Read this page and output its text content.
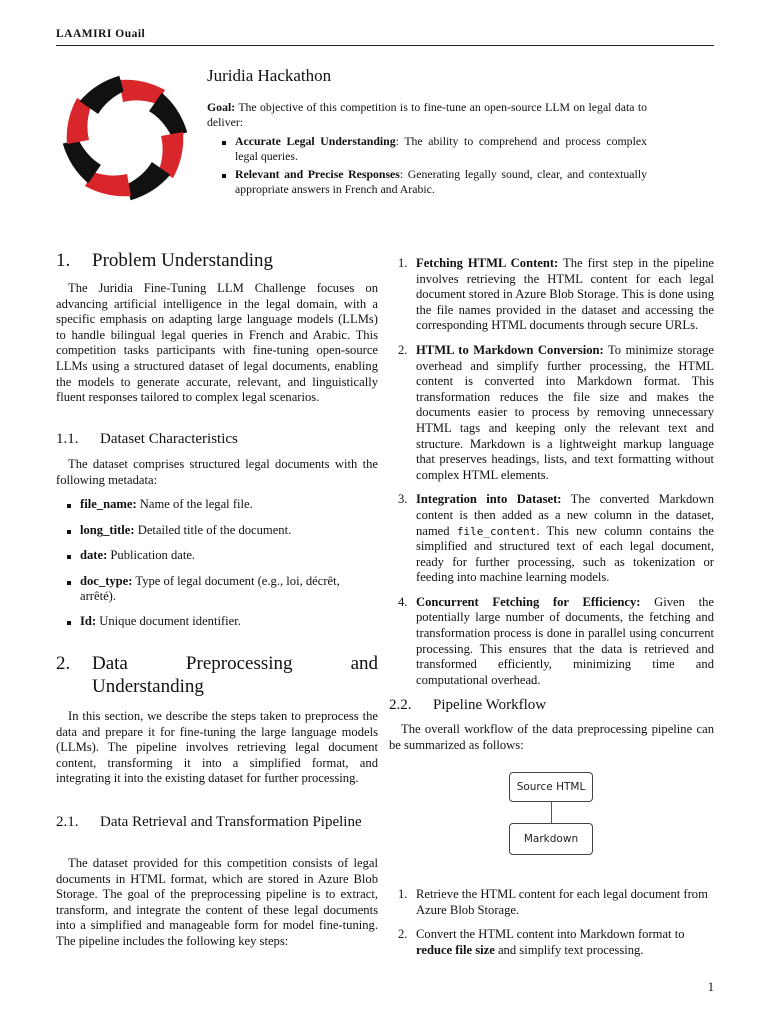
LAAMIRI Ouail
Juridia Hackathon
Goal: The objective of this competition is to fine-tune an open-source LLM on legal data to deliver:
Accurate Legal Understanding: The ability to comprehend and process complex legal queries.
Relevant and Precise Responses: Generating legally sound, clear, and contextually appropriate answers in French and Arabic.
1. Problem Understanding
The Juridia Fine-Tuning LLM Challenge focuses on advancing artificial intelligence in the legal domain, with a specific emphasis on adapting large language models (LLMs) to handle bilingual legal queries in French and Arabic. This competition tasks participants with fine-tuning open-source LLMs using a structured dataset of legal documents, enabling the models to generate accurate, relevant, and linguistically fluent responses tailored to complex legal scenarios.
1.1. Dataset Characteristics
The dataset comprises structured legal documents with the following metadata:
file_name: Name of the legal file.
long_title: Detailed title of the document.
date: Publication date.
doc_type: Type of legal document (e.g., loi, décrêt, arrêté).
Id: Unique document identifier.
2.	Data Preprocessing and Understanding
In this section, we describe the steps taken to preprocess the data and prepare it for fine-tuning the large language models (LLMs). The pipeline involves retrieving legal document content, transforming it into a simplified format, and integrating it into the existing dataset for further processing.
2.1.	Data Retrieval and Transformation Pipeline
The dataset provided for this competition consists of legal documents in HTML format, which are stored in Azure Blob Storage. The goal of the preprocessing pipeline is to extract, transform, and integrate the content of these legal documents into a simplified and manageable form for model fine-tuning. The pipeline includes the following key steps:
1. Fetching HTML Content: The first step in the pipeline involves retrieving the HTML content for each legal document stored in Azure Blob Storage. This is done using the file names provided in the dataset and accessing the corresponding HTML documents through secure URLs.
2. HTML to Markdown Conversion: To minimize storage overhead and simplify further processing, the HTML content is converted into Markdown format. This transformation reduces the file size and makes the documents easier to process by removing unnecessary HTML tags and keeping only the relevant text and structure. Markdown is a lightweight markup language that preserves headings, lists, and text formatting without complex HTML elements.
3. Integration into Dataset: The converted Markdown content is then added as a new column in the dataset, named file_content. This new column contains the simplified and structured text of each legal document, ready for further processing, such as tokenization or feeding into machine learning models.
4. Concurrent Fetching for Efficiency: Given the potentially large number of documents, the fetching and transformation process is done in parallel using concurrent processing. This ensures that the data is retrieved and transformed efficiently, minimizing time and computational overhead.
2.2. Pipeline Workflow
The overall workflow of the data preprocessing pipeline can be summarized as follows:
Source HTML
Markdown
1. Retrieve the HTML content for each legal document from Azure Blob Storage.
2. Convert the HTML content into Markdown format to reduce file size and simplify text processing.
1
